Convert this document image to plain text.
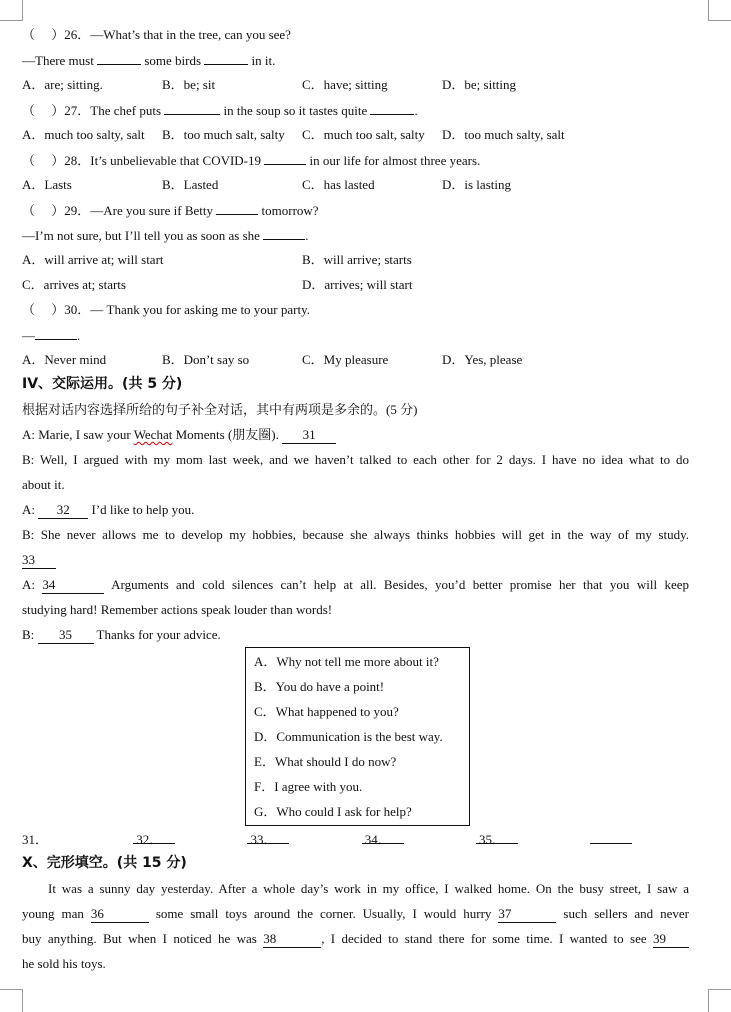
（　 ）26．—What’s that in the tree, can you see?
—There must	some birds	in it.
A．are; sitting.	B．be; sit	C．have; sitting	D．be; sitting
（　 ）27．The chef puts	in the soup so it tastes quite	.
A．much too salty, salt	B．too much salt, salty	C．much too salt, salty	D．too much salty, salt
（　 ）28．It’s unbelievable that COVID-19	in our life for almost three years.
A．Lasts	B．Lasted	C．has lasted	D．is lasting
（　 ）29．—Are you sure if Betty	tomorrow?
—I’m not sure, but I’ll tell you as soon as she	.
A．will arrive at; will start	B．will arrive; starts
C．arrives at; starts	D．arrives; will start
（　 ）30．— Thank you for asking me to your party.
—	.
A．Never mind	B．Don’t say so	C．My pleasure	D．Yes, please
IV、交际运用。(共 5 分)
根据对话内容选择所给的句子补全对话，其中有两项是多余的。(5 分)
A: Marie, I saw your Wechat Moments (朋友圈). 31
B: Well, I argued with my mom last week, and we haven’t talked to each other for 2 days. I have no idea what to do
about it.
A: 32 I’d like to help you.
B: She never allows me to develop my hobbies, because she always thinks hobbies will get in the way of my study.
33
A: 34	Arguments and cold silences can’t help at all. Besides, you’d better promise her that you will keep
studying hard! Remember actions speak louder than words!
B: 35 Thanks for your advice.
A．Why not tell me more about it?
B．You do have a point!
C．What happened to you?
D．Communication is the best way.
E．What should I do now?
F．I agree with you.
G．Who could I ask for help?
31．	32．	33．	34．	35．
X、完形填空。(共 15 分)
It was a sunny day yesterday. After a whole day’s work in my office, I walked home. On the busy street, I saw a
young man 36	some small toys around the corner. Usually, I would hurry 37	such sellers and never
buy anything. But when I noticed he was 38	, I decided to stand there for some time. I wanted to see 39
he sold his toys.
